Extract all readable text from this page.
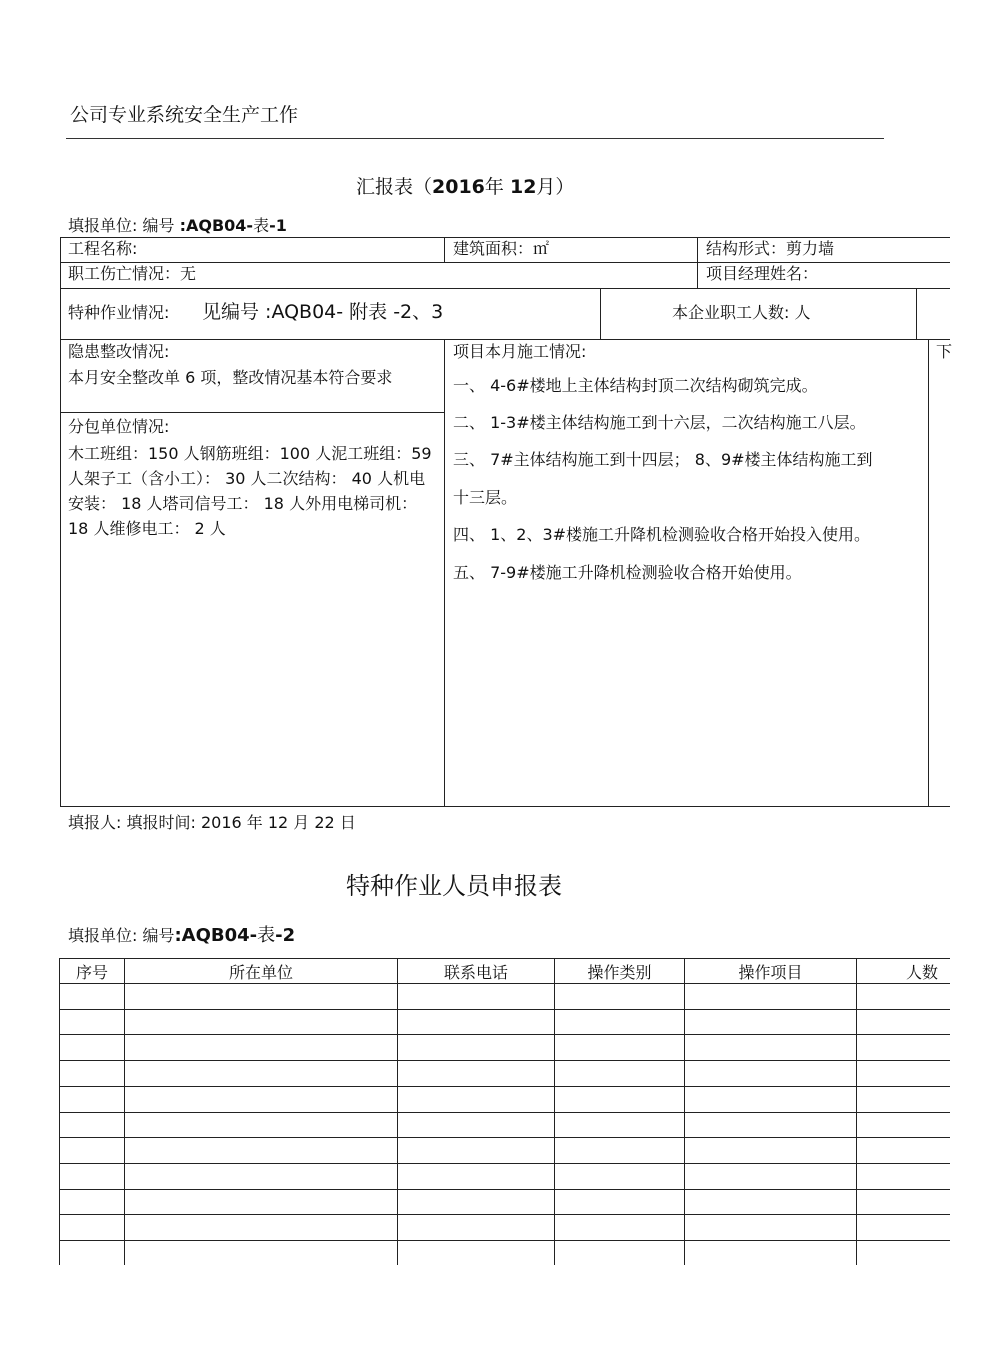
公司专业系统安全生产工作
汇报表（2016年 12月）
填报单位: 编号 :AQB04-表-1
工程名称:	建筑面积：㎡	结构形式：剪力墙
职工伤亡情况：无	项目经理姓名：
特种作业情况: 见编号 :AQB04- 附表 -2、3	本企业职工人数: 人
隐患整改情况:
本月安全整改单 6 项，整改情况基本符合要求
分包单位情况:
木工班组：150 人钢筋班组：100 人泥工班组：59 人架子工（含小工）： 30 人二次结构： 40 人机电安装： 18 人塔司信号工： 18 人外用电梯司机： 18 人维修电工： 2 人
项目本月施工情况:
一、 4-6#楼地上主体结构封顶二次结构砌筑完成。
二、 1-3#楼主体结构施工到十六层，二次结构施工八层。
三、 7#主体结构施工到十四层； 8、9#楼主体结构施工到
十三层。
四、 1、2、3#楼施工升降机检测验收合格开始投入使用。
五、 7-9#楼施工升降机检测验收合格开始使用。
下
填报人: 填报时间: 2016 年 12 月 22 日
特种作业人员申报表
填报单位: 编号:AQB04-表-2
序号	所在单位	联系电话	操作类别	操作项目	人数
